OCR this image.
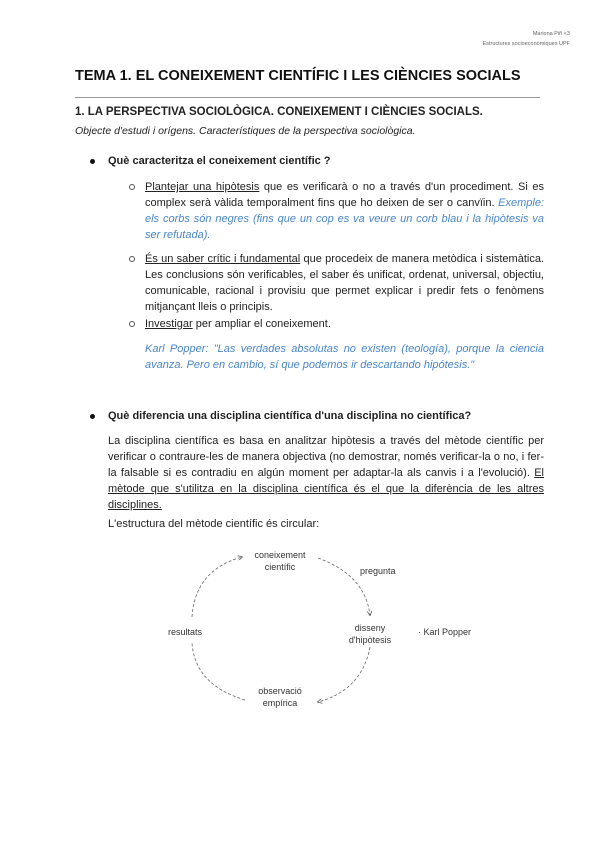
Mariona Piñ <3
Estructures socioeconòmiques UPF
TEMA 1. EL CONEIXEMENT CIENTÍFIC I LES CIÈNCIES SOCIALS
1. LA PERSPECTIVA SOCIOLÒGICA. CONEIXEMENT I CIÈNCIES SOCIALS.
Objecte d'estudi i orígens. Característiques de la perspectiva sociològica.
Què caracteritza el coneixement científic ?
Plantejar una hipòtesis que es verificarà o no a través d'un procediment. Si es complex serà vàlida temporalment fins que ho deixen de ser o canvïin. Exemple: els corbs són negres (fins que un cop es va veure un corb blau i la hipòtesis va ser refutada).
És un saber crític i fundamental que procedeix de manera metòdica i sistemàtica. Les conclusions són verificables, el saber és unificat, ordenat, universal, objectiu, comunicable, racional i provisiu que permet explicar i predir fets o fenòmens mitjançant lleis o principis.
Investigar per ampliar el coneixement.
Karl Popper: "Las verdades absolutas no existen (teología), porque la ciencia avanza. Pero en cambio, sí que podemos ir descartando hipótesis."
Què diferencia una disciplina científica d'una disciplina no científica?
La disciplina científica es basa en analitzar hipòtesis a través del mètode científic per verificar o contraure-les de manera objectiva (no demostrar, només verificar-la o no, i fer-la falsable si es contradiu en algún moment per adaptar-la als canvis i a l'evolució). El mètode que s'utilitza en la disciplina científica és el que la diferència de les altres disciplines.
L'estructura del mètode científic és circular:
coneixement
científic	pregunta
disseny
d'hipòtesis
· Karl Popper
resultats
observació
empírica
